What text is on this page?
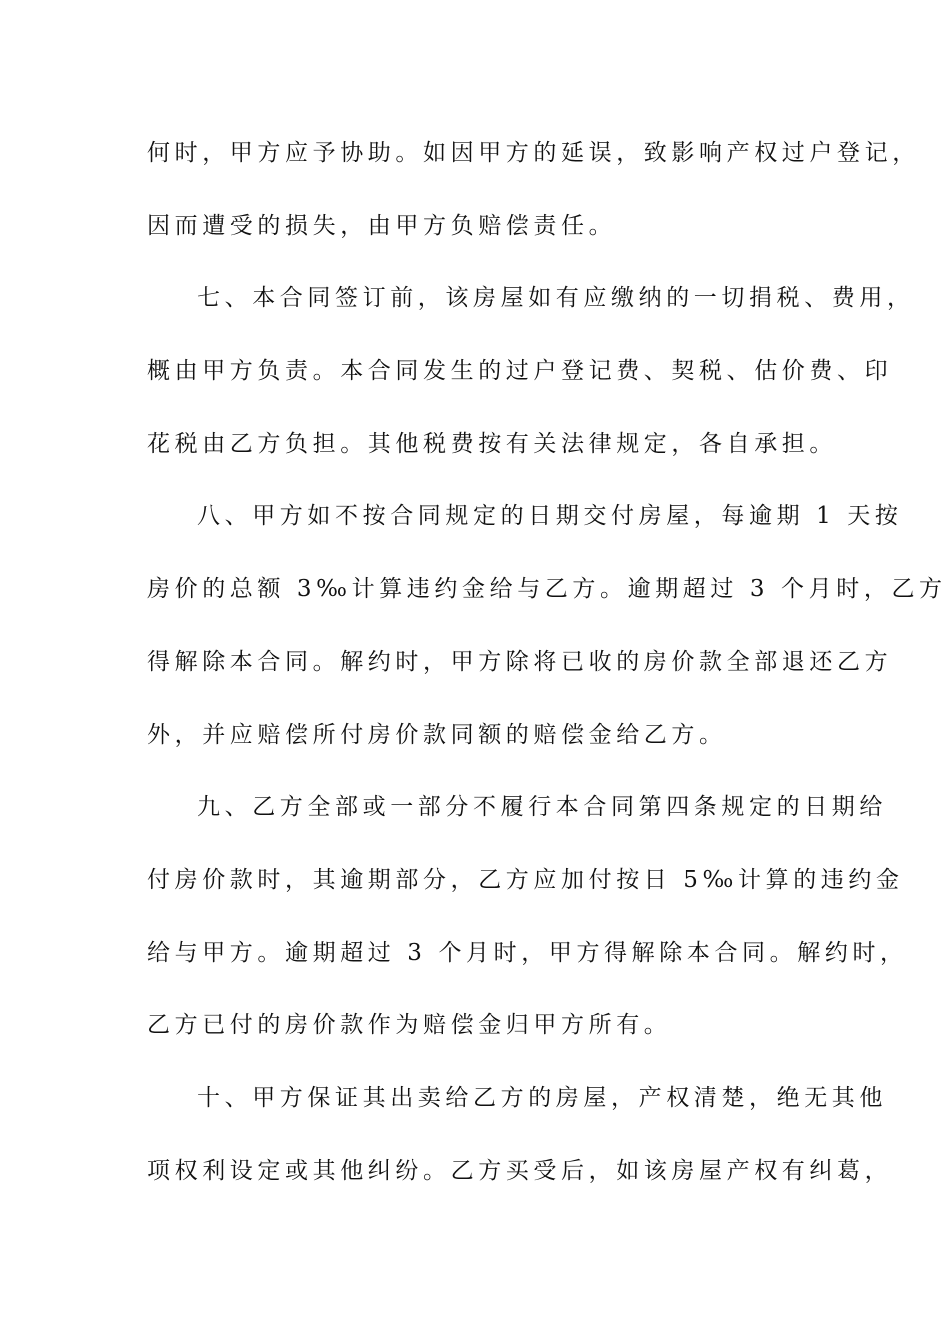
何时，甲方应予协助。如因甲方的延误，致影响产权过户登记，
因而遭受的损失，由甲方负赔偿责任。
七、本合同签订前，该房屋如有应缴纳的一切捐税、费用，
概由甲方负责。本合同发生的过户登记费、契税、估价费、印
花税由乙方负担。其他税费按有关法律规定，各自承担。
八、甲方如不按合同规定的日期交付房屋，每逾期 1 天按
房价的总额 3‰计算违约金给与乙方。逾期超过 3 个月时，乙方
得解除本合同。解约时，甲方除将已收的房价款全部退还乙方
外，并应赔偿所付房价款同额的赔偿金给乙方。
九、乙方全部或一部分不履行本合同第四条规定的日期给
付房价款时，其逾期部分，乙方应加付按日 5‰计算的违约金
给与甲方。逾期超过 3 个月时，甲方得解除本合同。解约时，
乙方已付的房价款作为赔偿金归甲方所有。
十、甲方保证其出卖给乙方的房屋，产权清楚，绝无其他
项权利设定或其他纠纷。乙方买受后，如该房屋产权有纠葛，
